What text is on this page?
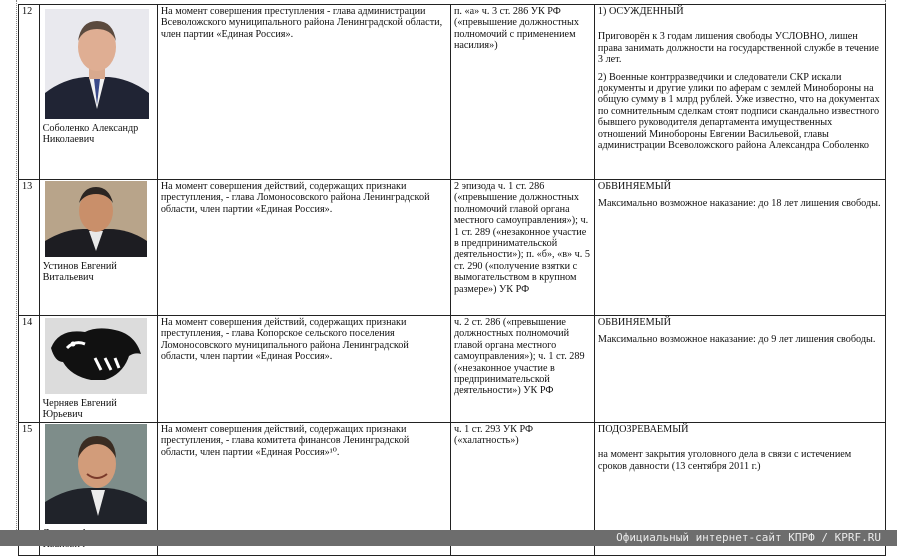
12	Соболенко Александр Николаевич	На момент совершения преступления - глава администрации Всеволожского муниципального района Ленинградской области, член партии «Единая Россия».	п. «а» ч. 3 ст. 286 УК РФ («превышение должностных полномочий с применением насилия»)	1) ОСУЖДЕННЫЙ
Приговорён к 3 годам лишения свободы УСЛОВНО, лишен права занимать должности на государственной службе в течение 3 лет.
2) Военные контрразведчики и следователи СКР искали документы и другие улики по аферам с землей Минобороны на общую сумму в 1 млрд рублей. Уже известно, что на документах по сомнительным сделкам стоят подписи скандально известного бывшего руководителя департамента имущественных отношений Минобороны Евгении Васильевой, главы администрации Всеволожского района Александра Соболенко

13	Устинов Евгений Витальевич	На момент совершения действий, содержащих признаки преступления, - глава Ломоносовского района Ленинградской области, член партии «Единая Россия».	2 эпизода ч. 1 ст. 286 («превышение должностных полномочий главой органа местного самоуправления»); ч. 1 ст. 289 («незаконное участие в предпринимательской деятельности»); п. «б», «в» ч. 5 ст. 290 («получение взятки с вымогательством в крупном размере») УК РФ	ОБВИНЯЕМЫЙ
Максимально возможное наказание: до 18 лет лишения свободы.

14	Черняев Евгений Юрьевич	На момент совершения действий, содержащих признаки преступления, - глава Копорское сельского поселения Ломоносовского муниципального района Ленинградской области, член партии «Единая Россия».	ч. 2 ст. 286 («превышение должностных полномочий главой органа местного самоуправления»); ч. 1 ст. 289 («незаконное участие в предпринимательской деятельности») УК РФ	ОБВИНЯЕМЫЙ
Максимально возможное наказание: до 9 лет лишения свободы.

15		На момент совершения действий, содержащих признаки преступления, - глава комитета финансов Ленинградской области, член партии «Единая Россия»¹⁰.	ч. 1 ст. 293 УК РФ («халатность»)	ПОДОЗРЕВАЕМЫЙ
на момент закрытия уголовного дела в связи с истечением сроков давности (13 сентября 2011 г.)
Официальный интернет-сайт КПРФ / KPRF.RU
